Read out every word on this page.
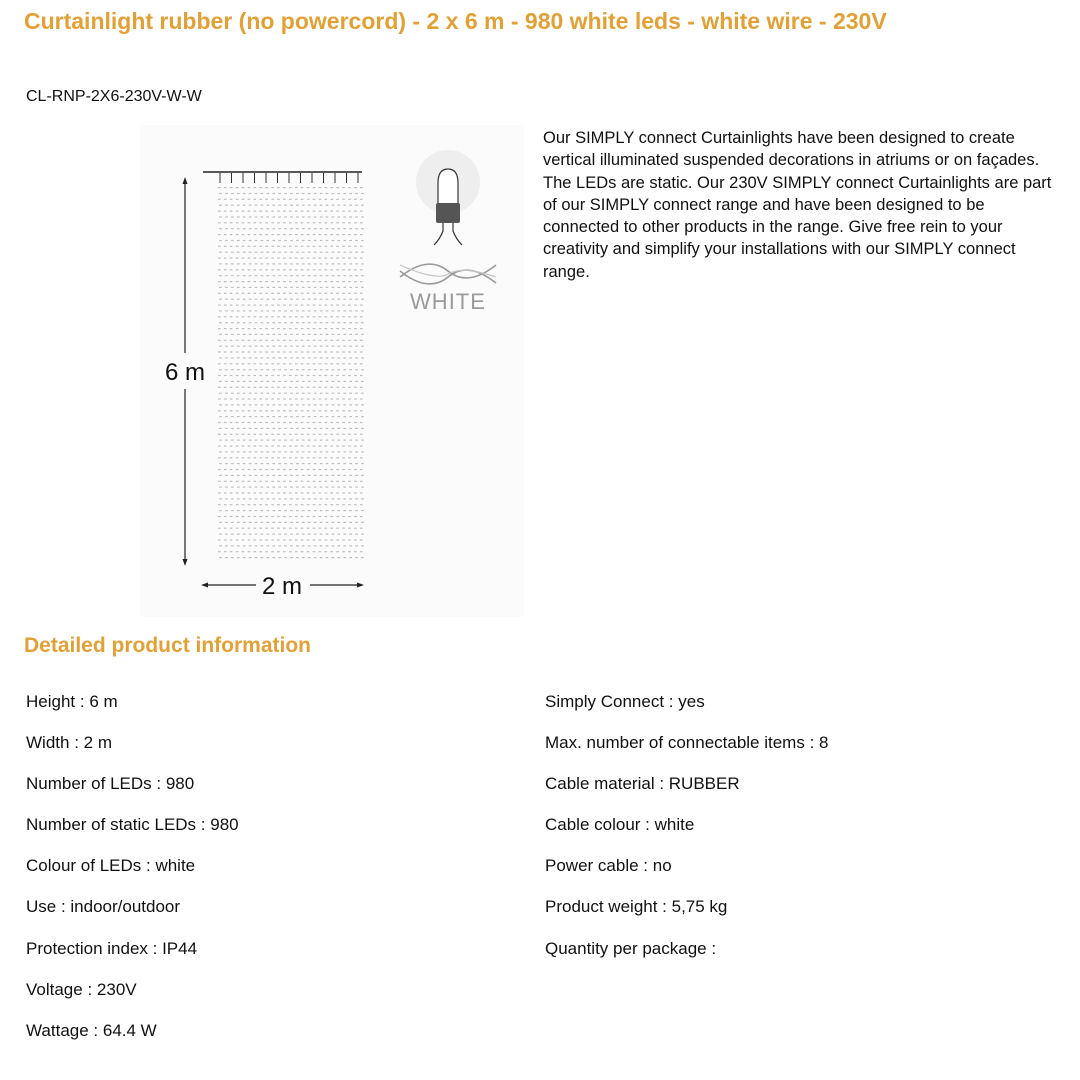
Curtainlight rubber (no powercord) - 2 x 6 m - 980 white leds - white wire - 230V
CL-RNP-2X6-230V-W-W
6 m
2 m
WHITE

Our SIMPLY connect Curtainlights have been designed to create vertical illuminated suspended decorations in atriums or on façades. The LEDs are static. Our 230V SIMPLY connect Curtainlights are part of our SIMPLY connect range and have been designed to be connected to other products in the range. Give free rein to your creativity and simplify your installations with our SIMPLY connect range.

Detailed product information
Height : 6 m
Width : 2 m
Number of LEDs : 980
Number of static LEDs : 980
Colour of LEDs : white
Use : indoor/outdoor
Protection index : IP44
Voltage : 230V
Wattage : 64.4 W
Simply Connect : yes
Max. number of connectable items : 8
Cable material : RUBBER
Cable colour : white
Power cable : no
Product weight : 5,75 kg
Quantity per package :
